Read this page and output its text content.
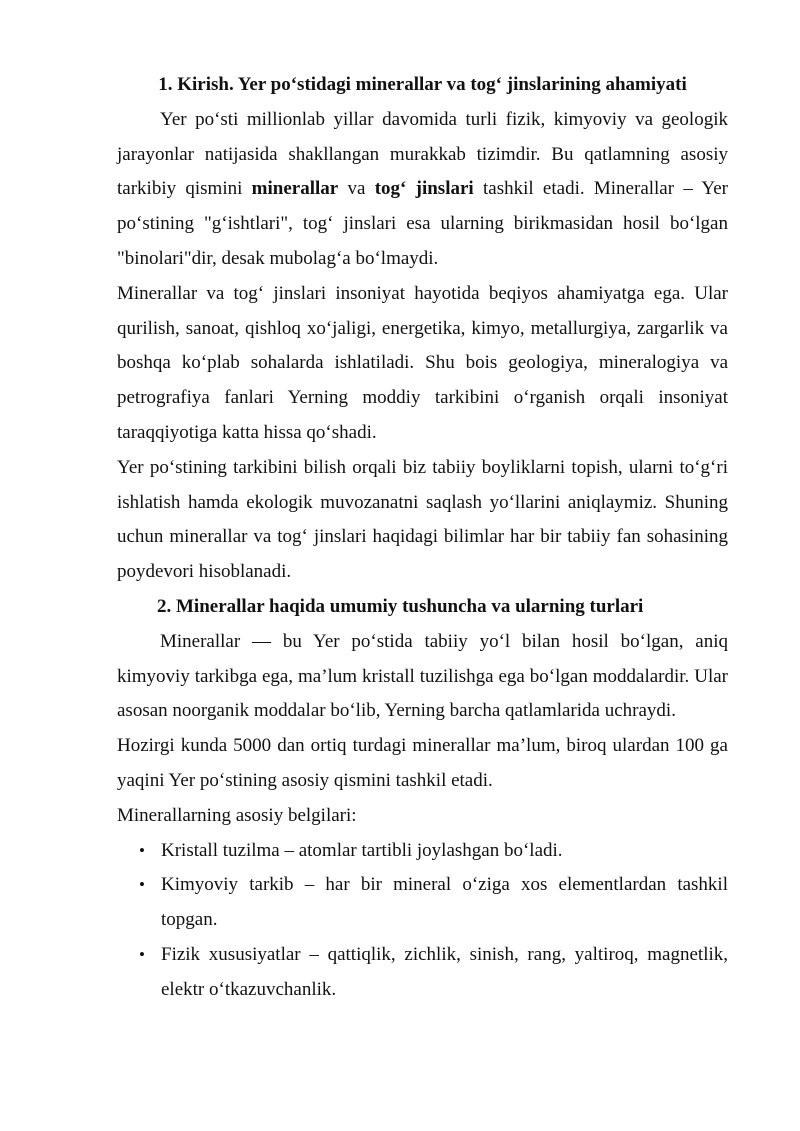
1. Kirish. Yer po‘stidagi minerallar va tog‘ jinslarining ahamiyati

Yer po‘sti millionlab yillar davomida turli fizik, kimyoviy va geologik jarayonlar natijasida shakllangan murakkab tizimdir. Bu qatlamning asosiy tarkibiy qismini minerallar va tog‘ jinslari tashkil etadi. Minerallar – Yer po‘stining "g‘ishtlari", tog‘ jinslari esa ularning birikmasidan hosil bo‘lgan "binolari"dir, desak mubolag‘a bo‘lmaydi.

Minerallar va tog‘ jinslari insoniyat hayotida beqiyos ahamiyatga ega. Ular qurilish, sanoat, qishloq xo‘jaligi, energetika, kimyo, metallurgiya, zargarlik va boshqa ko‘plab sohalarda ishlatiladi. Shu bois geologiya, mineralogiya va petrografiya fanlari Yerning moddiy tarkibini o‘rganish orqali insoniyat taraqqiyotiga katta hissa qo‘shadi.

Yer po‘stining tarkibini bilish orqali biz tabiiy boyliklarni topish, ularni to‘g‘ri ishlatish hamda ekologik muvozanatni saqlash yo‘llarini aniqlaymiz. Shuning uchun minerallar va tog‘ jinslari haqidagi bilimlar har bir tabiiy fan sohasining poydevori hisoblanadi.

2. Minerallar haqida umumiy tushuncha va ularning turlari

Minerallar — bu Yer po‘stida tabiiy yo‘l bilan hosil bo‘lgan, aniq kimyoviy tarkibga ega, ma’lum kristall tuzilishga ega bo‘lgan moddalardir. Ular asosan noorganik moddalar bo‘lib, Yerning barcha qatlamlarida uchraydi.

Hozirgi kunda 5000 dan ortiq turdagi minerallar ma’lum, biroq ulardan 100 ga yaqini Yer po‘stining asosiy qismini tashkil etadi.

Minerallarning asosiy belgilari:

• Kristall tuzilma – atomlar tartibli joylashgan bo‘ladi.
• Kimyoviy tarkib – har bir mineral o‘ziga xos elementlardan tashkil topgan.
• Fizik xususiyatlar – qattiqlik, zichlik, sinish, rang, yaltiroq, magnetlik, elektr o‘tkazuvchanlik.
